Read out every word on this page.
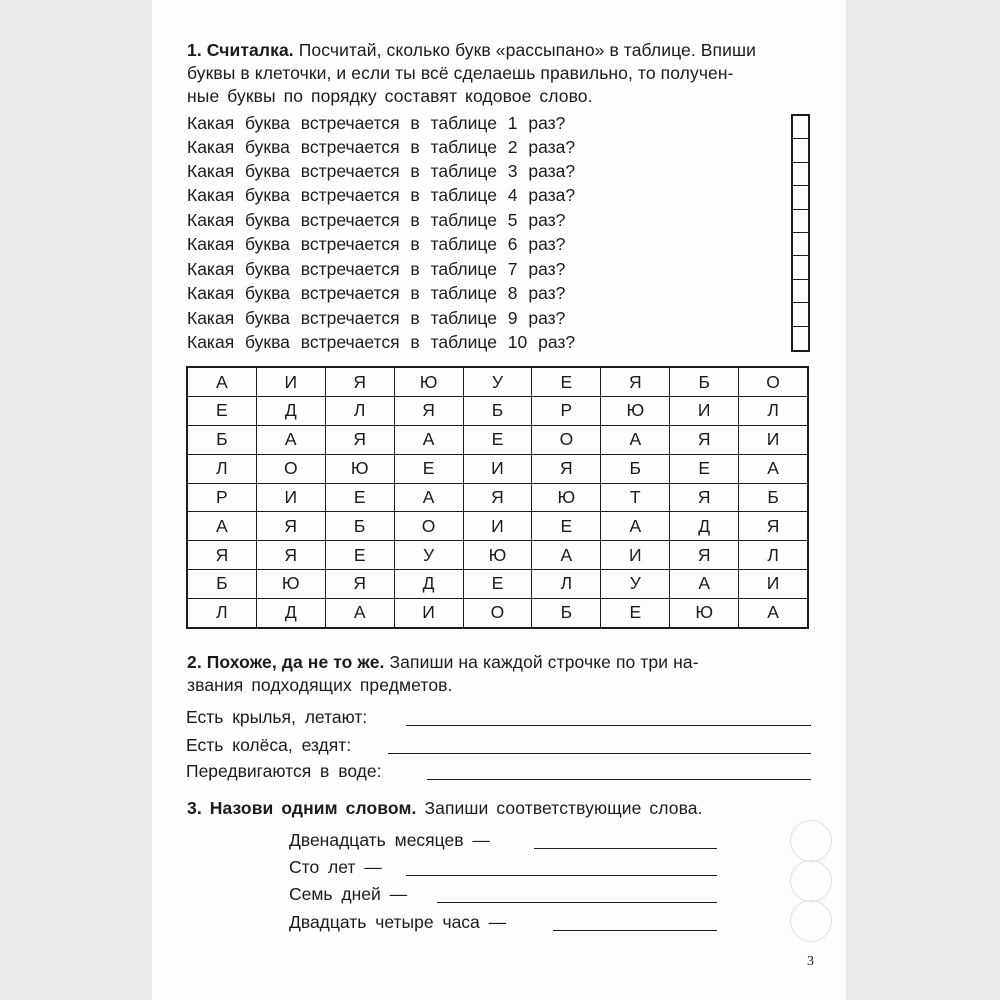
1. Считалка. Посчитай, сколько букв «рассыпано» в таблице. Впиши
буквы в клеточки, и если ты всё сделаешь правильно, то получен-
ные буквы по порядку составят кодовое слово.
Какая буква встречается в таблице 1 раз?
Какая буква встречается в таблице 2 раза?
Какая буква встречается в таблице 3 раза?
Какая буква встречается в таблице 4 раза?
Какая буква встречается в таблице 5 раз?
Какая буква встречается в таблице 6 раз?
Какая буква встречается в таблице 7 раз?
Какая буква встречается в таблице 8 раз?
Какая буква встречается в таблице 9 раз?
Какая буква встречается в таблице 10 раз?
А	И	Я	Ю	У	Е	Я	Б	О
Е	Д	Л	Я	Б	Р	Ю	И	Л
Б	А	Я	А	Е	О	А	Я	И
Л	О	Ю	Е	И	Я	Б	Е	А
Р	И	Е	А	Я	Ю	Т	Я	Б
А	Я	Б	О	И	Е	А	Д	Я
Я	Я	Е	У	Ю	А	И	Я	Л
Б	Ю	Я	Д	Е	Л	У	А	И
Л	Д	А	И	О	Б	Е	Ю	А
2. Похоже, да не то же. Запиши на каждой строчке по три на-
звания подходящих предметов.
Есть крылья, летают:
Есть колёса, ездят:
Передвигаются в воде:
3. Назови одним словом. Запиши соответствующие слова.
Двенадцать месяцев —
Сто лет —
Семь дней —
Двадцать четыре часа —
3
